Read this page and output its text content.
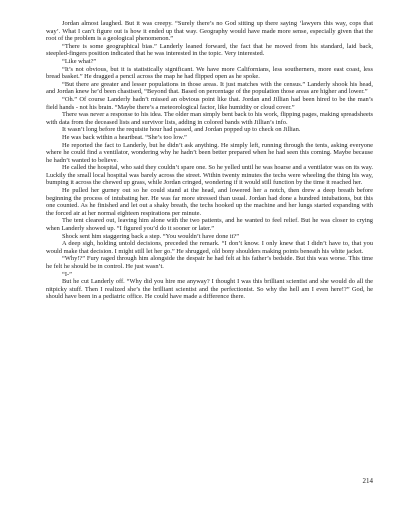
Jordan almost laughed. But it was creepy. “Surely there’s no God sitting up there saying ‘lawyers this way, cops that way’. What I can’t figure out is how it ended up that way. Geography would have made more sense, especially given that the root of the problem is a geological phenomenon.”

“There is some geographical bias.” Landerly leaned forward, the fact that he moved from his standard, laid back, steepled-fingers position indicated that he was interested in the topic. Very interested.

“Like what?”

“It’s not obvious, but it is statistically significant. We have more Californians, less southerners, more east coast, less bread basket.” He dragged a pencil across the map he had flipped open as he spoke.

“But there are greater and lesser populations in those areas. It just matches with the census.” Landerly shook his head, and Jordan knew he’d been chastised, “Beyond that. Based on percentage of the population those areas are higher and lower.”

“Oh.” Of course Landerly hadn’t missed an obvious point like that. Jordan and Jillian had been hired to be the man’s field hands - not his brain. “Maybe there’s a meteorological factor, like humidity or cloud cover.”

There was never a response to his idea. The older man simply bent back to his work, flipping pages, making spreadsheets with data from the deceased lists and survivor lists, adding in colored bands with Jillian’s info.

It wasn’t long before the requisite hour had passed, and Jordan popped up to check on Jillian.

He was back within a heartbeat. “She’s too low.”

He reported the fact to Landerly, but he didn’t ask anything. He simply left, running through the tents, asking everyone where he could find a ventilator, wondering why he hadn’t been better prepared when he had seen this coming. Maybe because he hadn’t wanted to believe.

He called the hospital, who said they couldn’t spare one. So he yelled until he was hoarse and a ventilator was on its way. Luckily the small local hospital was barely across the street. Within twenty minutes the techs were wheeling the thing his way, bumping it across the chewed up grass, while Jordan cringed, wondering if it would still function by the time it reached her.

He pulled her gurney out so he could stand at the head, and lowered her a notch, then drew a deep breath before beginning the process of intubating her. He was far more stressed than usual. Jordan had done a hundred intubations, but this one counted. As he finished and let out a shaky breath, the techs hooked up the machine and her lungs started expanding with the forced air at her normal eighteen respirations per minute.

The tent cleared out, leaving him alone with the two patients, and he wanted to feel relief. But he was closer to crying when Landerly showed up. “I figured you’d do it sooner or later.”

Shock sent him staggering back a step. “You wouldn’t have done it?”

A deep sigh, holding untold decisions, preceded the remark. “I don’t know. I only knew that I didn’t have to, that you would make that decision. I might still let her go.” He shrugged, old bony shoulders making points beneath his white jacket.

“Why!?” Fury raged through him alongside the despair he had felt at his father’s bedside. But this was worse. This time he felt he should be in control. He just wasn’t.

“I-”

But he cut Landerly off. “Why did you hire me anyway? I thought I was this brilliant scientist and she would do all the nitpicky stuff. Then I realized she’s the brilliant scientist and the perfectionist. So why the hell am I even here!?” God, he should have been in a pediatric office. He could have made a difference there.

214
